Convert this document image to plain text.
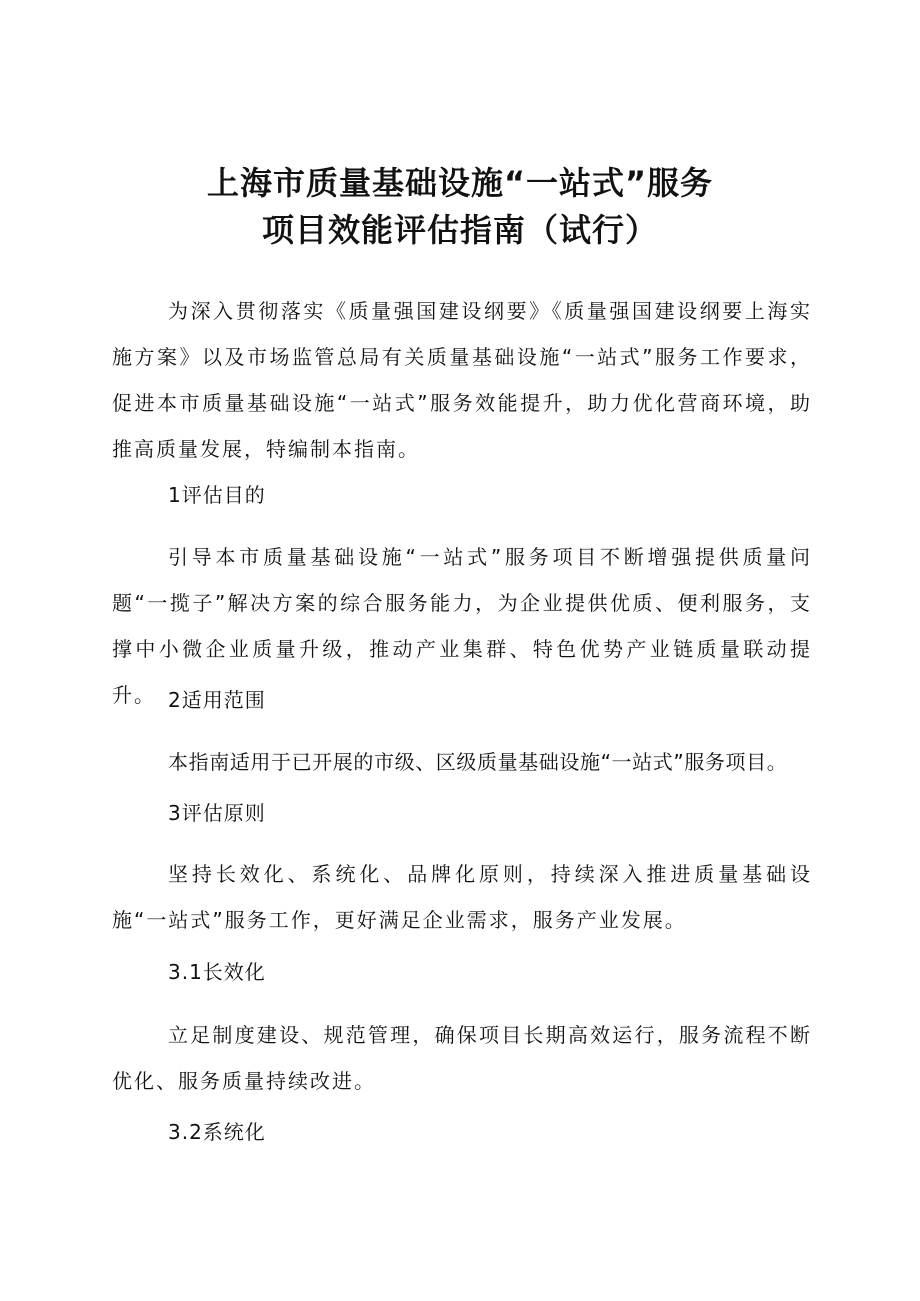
上海市质量基础设施“一站式”服务
项目效能评估指南（试行）
为深入贯彻落实《质量强国建设纲要》《质量强国建设纲要上海实施方案》以及市场监管总局有关质量基础设施“一站式”服务工作要求，促进本市质量基础设施“一站式”服务效能提升，助力优化营商环境，助推高质量发展，特编制本指南。
1评估目的
引导本市质量基础设施“一站式”服务项目不断增强提供质量问题“一揽子”解决方案的综合服务能力，为企业提供优质、便利服务，支撑中小微企业质量升级，推动产业集群、特色优势产业链质量联动提升。 2适用范围
本指南适用于已开展的市级、区级质量基础设施“一站式”服务项目。
3评估原则
坚持长效化、系统化、品牌化原则，持续深入推进质量基础设施“一站式”服务工作，更好满足企业需求，服务产业发展。
3.1长效化
立足制度建设、规范管理，确保项目长期高效运行，服务流程不断优化、服务质量持续改进。
3.2系统化
